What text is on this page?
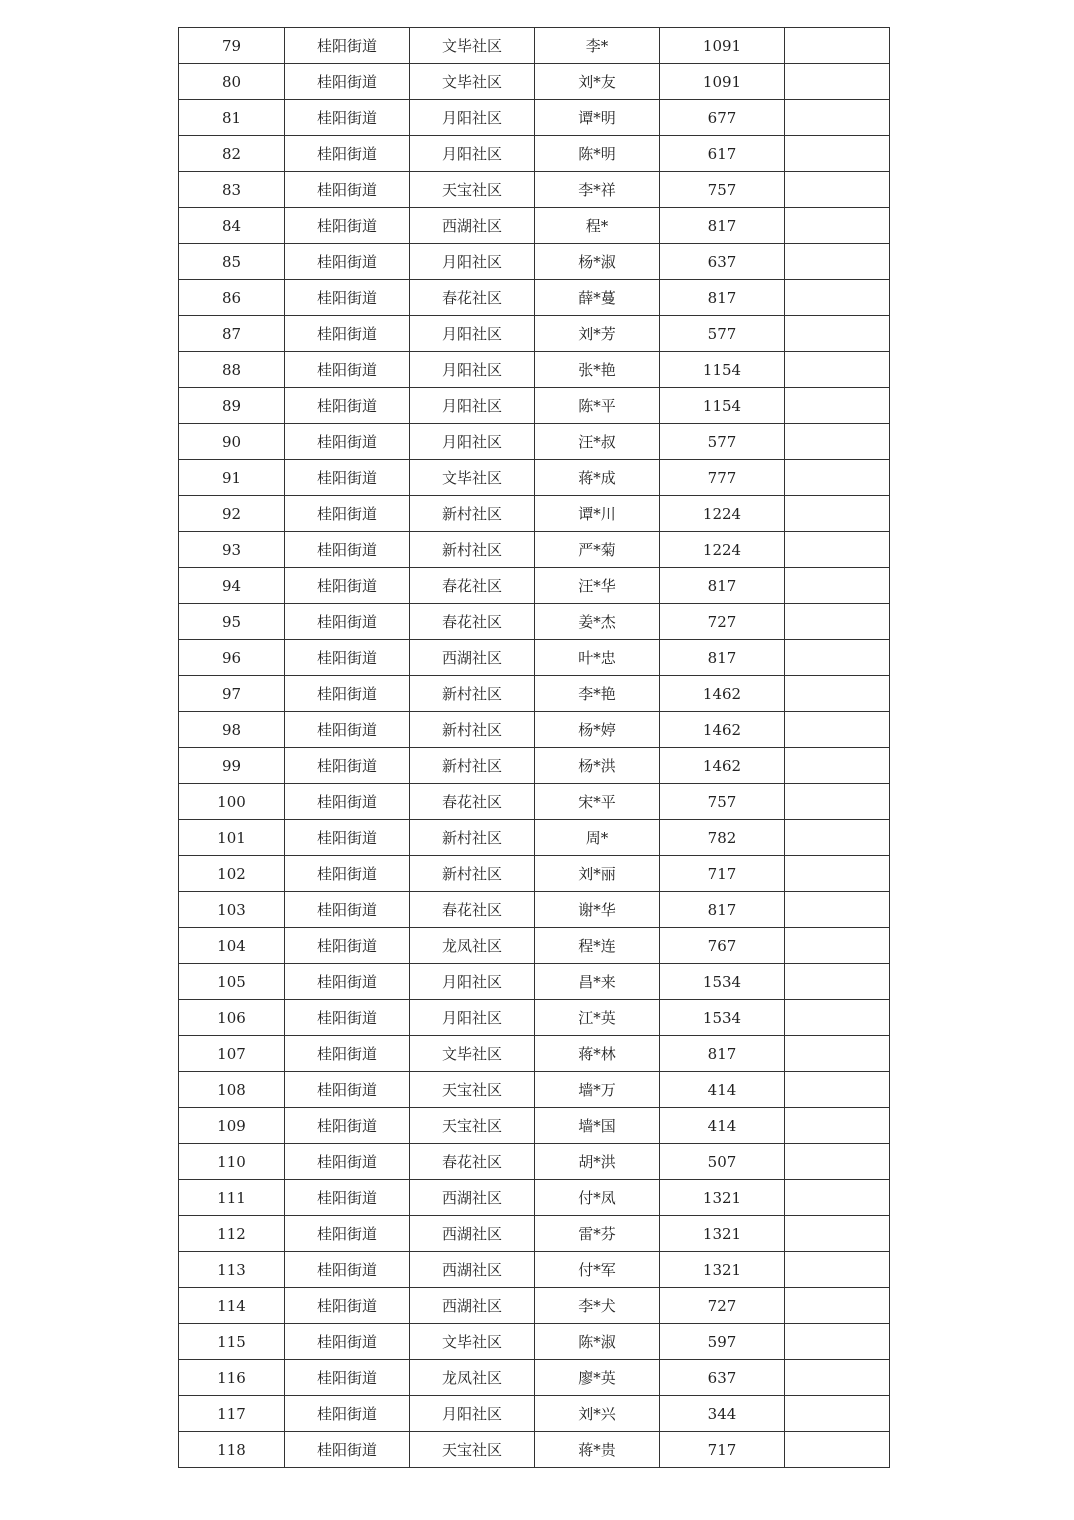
79	桂阳街道	文毕社区	李*	1091	
80	桂阳街道	文毕社区	刘*友	1091	
81	桂阳街道	月阳社区	谭*明	677	
82	桂阳街道	月阳社区	陈*明	617	
83	桂阳街道	天宝社区	李*祥	757	
84	桂阳街道	西湖社区	程*	817	
85	桂阳街道	月阳社区	杨*淑	637	
86	桂阳街道	春花社区	薛*蔓	817	
87	桂阳街道	月阳社区	刘*芳	577	
88	桂阳街道	月阳社区	张*艳	1154	
89	桂阳街道	月阳社区	陈*平	1154	
90	桂阳街道	月阳社区	汪*叔	577	
91	桂阳街道	文毕社区	蒋*成	777	
92	桂阳街道	新村社区	谭*川	1224	
93	桂阳街道	新村社区	严*菊	1224	
94	桂阳街道	春花社区	汪*华	817	
95	桂阳街道	春花社区	姜*杰	727	
96	桂阳街道	西湖社区	叶*忠	817	
97	桂阳街道	新村社区	李*艳	1462	
98	桂阳街道	新村社区	杨*婷	1462	
99	桂阳街道	新村社区	杨*洪	1462	
100	桂阳街道	春花社区	宋*平	757	
101	桂阳街道	新村社区	周*	782	
102	桂阳街道	新村社区	刘*丽	717	
103	桂阳街道	春花社区	谢*华	817	
104	桂阳街道	龙凤社区	程*连	767	
105	桂阳街道	月阳社区	昌*来	1534	
106	桂阳街道	月阳社区	江*英	1534	
107	桂阳街道	文毕社区	蒋*林	817	
108	桂阳街道	天宝社区	墙*万	414	
109	桂阳街道	天宝社区	墙*国	414	
110	桂阳街道	春花社区	胡*洪	507	
111	桂阳街道	西湖社区	付*凤	1321	
112	桂阳街道	西湖社区	雷*芬	1321	
113	桂阳街道	西湖社区	付*军	1321	
114	桂阳街道	西湖社区	李*犬	727	
115	桂阳街道	文毕社区	陈*淑	597	
116	桂阳街道	龙凤社区	廖*英	637	
117	桂阳街道	月阳社区	刘*兴	344	
118	桂阳街道	天宝社区	蒋*贵	717	
